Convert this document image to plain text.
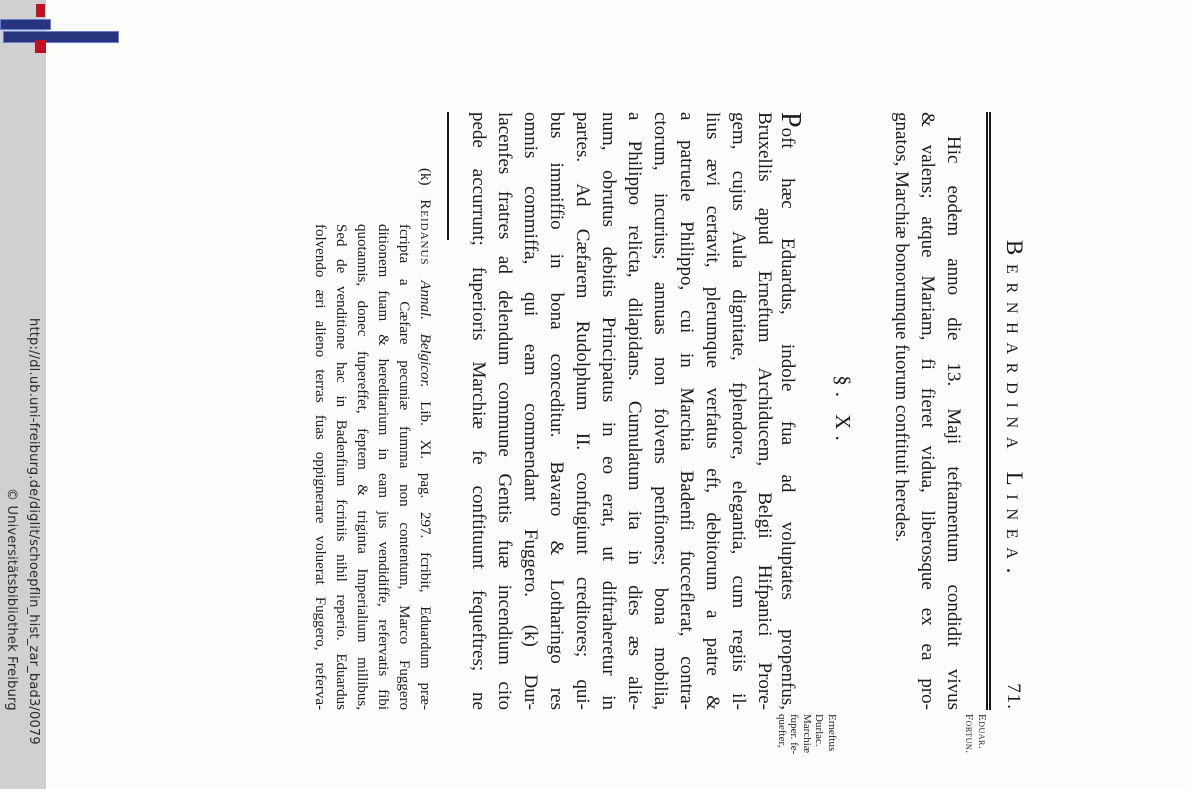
http://dl.ub.uni-freiburg.de/diglit/schoepflin_hist_zar_bad3/0079
© Universitätsbibliothek Freiburg
Eduar.
Fortun.
Erneftus
Durlac.
Marchiæ
fuper. fe-
quefter,
Bernhardina Linea.
71.
Hic eodem anno die 13. Maji teftamentum condidit vivus
& valens; atque Mariam, fi fieret vidua, liberosque ex ea pro-
gnatos, Marchiæ bonorumque fuorum conftituit heredes.
§. X.
Poft hæc Eduardus, indole fua ad voluptates propenfus,
Bruxellis apud Erneftum Archiducem, Belgii Hifpanici Prore-
gem, cujus Aula dignitate, fplendore, elegantia, cum regiis il-
lius ævi certavit, plerumque verfatus eft, debitorum a patre &
a patruele Philippo, cui in Marchia Badenfi fucceflerat, contra-
ctorum, incurius; annuas non folvens penfiones; bona mobilia,
a Philippo relicta, dilapidans. Cumulatum ita in dies æs alie-
num, obrutus debitis Principatus in eo erat, ut diftraheretur in
partes. Ad Cæfarem Rudolphum II. confugiunt creditores; qui-
bus immiffio in bona conceditur. Bavaro & Lotharingo res
omnis commiffa, qui eam commendant Fuggero. (k) Dur-
lacenfes fratres ad delendum commune Gentis fuæ incendium cito
pede accurrunt; fuperioris Marchiæ fe conftituunt fequeftres; ne
(k) Reidanus Annal. Belgicor. Lib. XI. pag. 297. fcribit, Eduardum præ-
fcripta a Cæfare pecuniæ fumma non contentum, Marco Fuggero
ditionem fuam & hereditarium in eam jus vendidiffe, refervatis fibi
quotannis, donec fupereffet, feptem & triginta Imperialium millibus,
Sed de venditione hac in Badenfium fcriniis nihil reperio. Eduardus
folvendo æri alieno terras fuas oppignerare voluerat Fuggero, referva-
